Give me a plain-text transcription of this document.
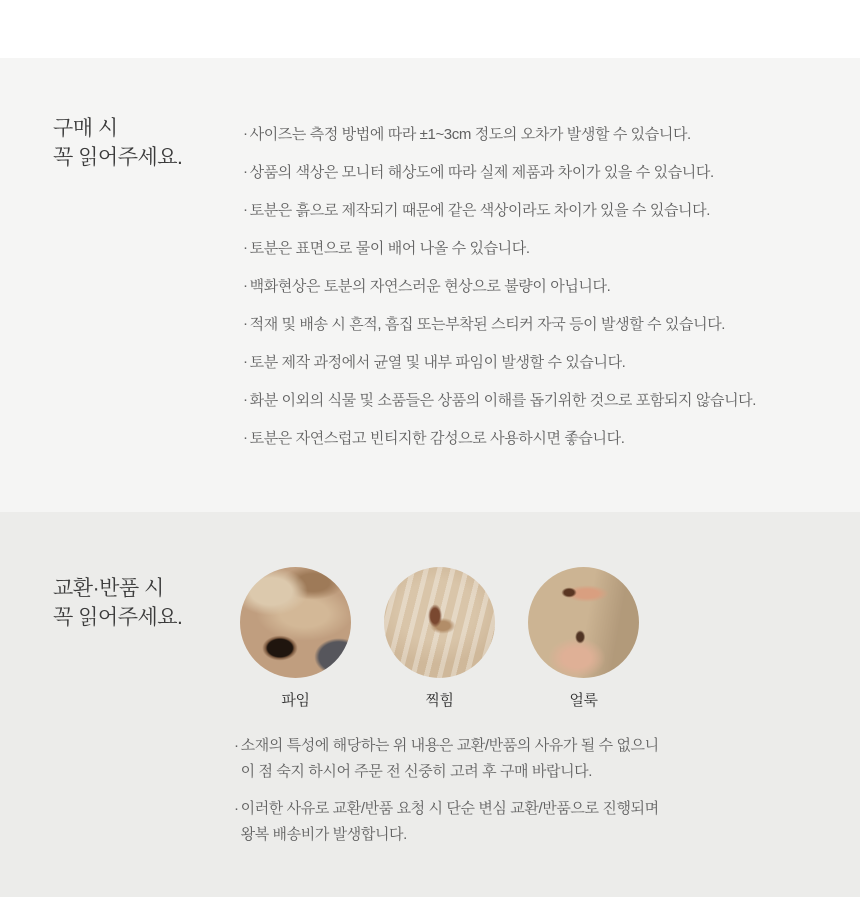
구매 시
꼭 읽어주세요.
· 사이즈는 측정 방법에 따라 ±1~3cm 정도의 오차가 발생할 수 있습니다.
· 상품의 색상은 모니터 해상도에 따라 실제 제품과 차이가 있을 수 있습니다.
· 토분은 흙으로 제작되기 때문에 같은 색상이라도 차이가 있을 수 있습니다.
· 토분은 표면으로 물이 배어 나올 수 있습니다.
· 백화현상은 토분의 자연스러운 현상으로 불량이 아닙니다.
· 적재 및 배송 시 흔적, 흠집 또는부착된 스티커 자국 등이 발생할 수 있습니다.
· 토분 제작 과정에서 균열 및 내부 파임이 발생할 수 있습니다.
· 화분 이외의 식물 및 소품들은 상품의 이해를 돕기위한 것으로 포함되지 않습니다.
· 토분은 자연스럽고 빈티지한 감성으로 사용하시면 좋습니다.
교환·반품 시
꼭 읽어주세요.
파임	찍힘	얼룩
· 소재의 특성에 해당하는 위 내용은 교환/반품의 사유가 될 수 없으니
이 점 숙지 하시어 주문 전 신중히 고려 후 구매 바랍니다.
· 이러한 사유로 교환/반품 요청 시 단순 변심 교환/반품으로 진행되며
왕복 배송비가 발생합니다.
